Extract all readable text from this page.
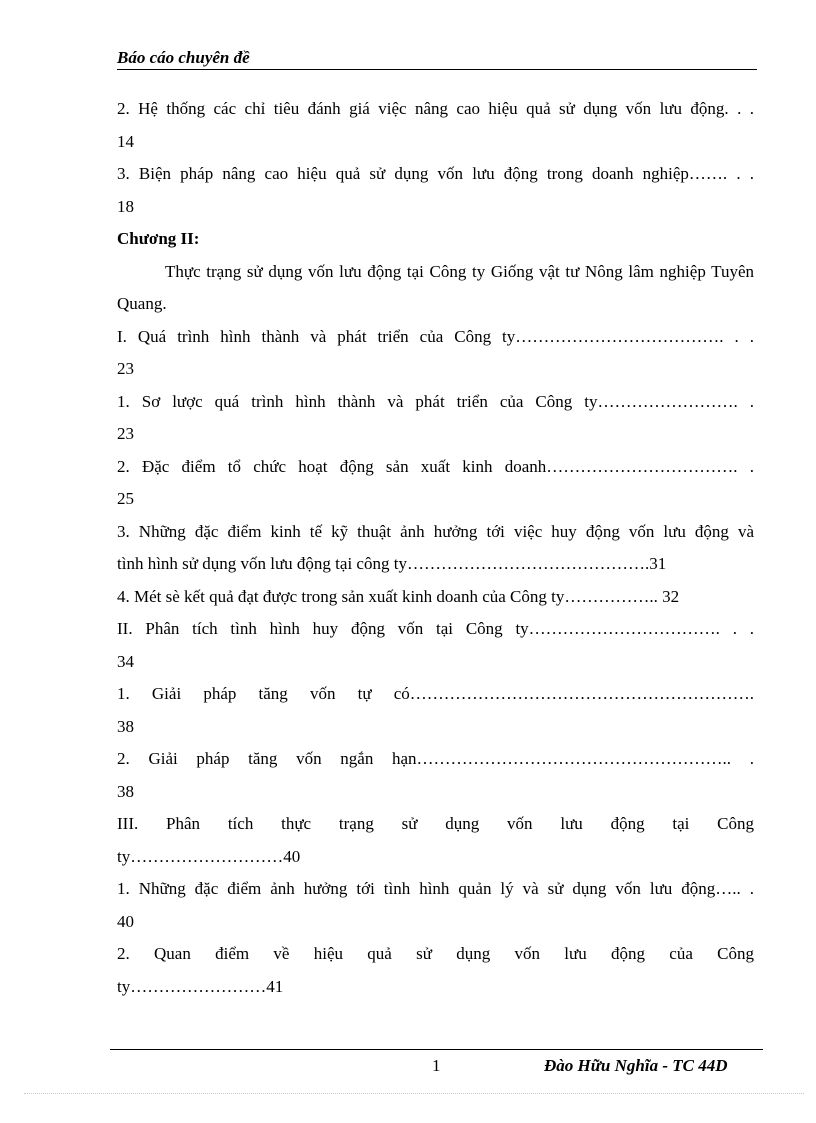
Báo cáo chuyên đề

2. Hệ thống các chỉ tiêu đánh giá việc nâng cao hiệu quả sử dụng vốn lưu động. . .

14

3. Biện pháp nâng cao hiệu quả sử dụng vốn lưu động trong doanh nghiệp……. . .

18

Chương II:

Thực trạng sử dụng vốn lưu động tại Công ty Giống vật tư Nông lâm nghiệp Tuyên Quang.

I. Quá trình hình thành và phát triển của Công ty………………………………. . .

23

1. Sơ lược quá trình hình thành và phát triển của Công ty……………………. .

23

2. Đặc điểm tổ chức hoạt động sản xuất kinh doanh……………………………. .

25

3. Những đặc điểm kinh tế kỹ thuật ảnh hưởng tới việc huy động vốn lưu động và

tình hình sử dụng vốn lưu động tại công ty…………………………………….31

4. Mét sè kết quả đạt được trong sản xuất kinh doanh của Công ty…………….. 32

II. Phân tích tình hình huy động vốn tại Công ty……………………………. . .

34

1. Giải pháp tăng vốn tự có…………………………………………………….

38

2. Giải pháp tăng vốn ngắn hạn……………………………………………….. .

38

III. Phân tích thực trạng sử dụng vốn lưu động tại Công

ty………………………40

1. Những đặc điểm ảnh hưởng tới tình hình quản lý và sử dụng vốn lưu động….. .

40

2. Quan điểm về hiệu quả sử dụng vốn lưu động của Công

ty……………………41

1	Đào Hữu Nghĩa - TC 44D
